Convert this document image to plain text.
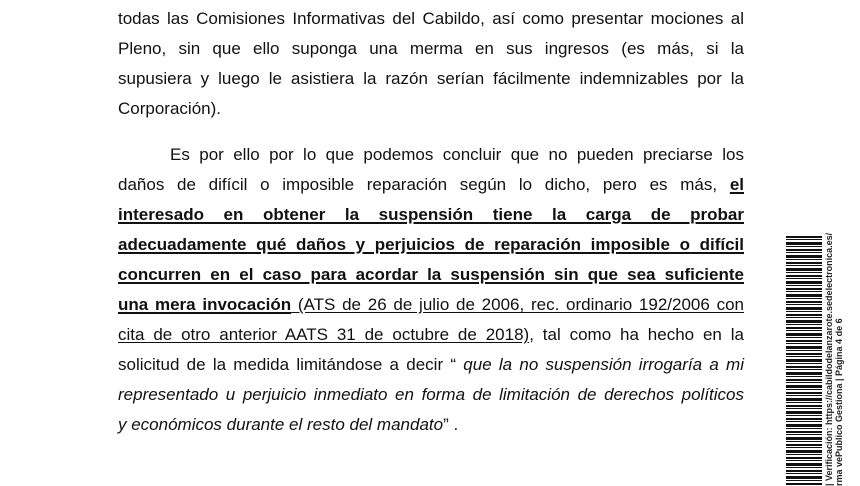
todas las Comisiones Informativas del Cabildo, así como presentar mociones al
Pleno, sin que ello suponga una merma en sus ingresos (es más, si la
supusiera y luego le asistiera la razón serían fácilmente indemnizables por la
Corporación).
Es por ello por lo que podemos concluir que no pueden preciarse los
daños de difícil o imposible reparación según lo dicho, pero es más, el
interesado en obtener la suspensión tiene la carga de probar
adecuadamente qué daños y perjuicios de reparación imposible o difícil
concurren en el caso para acordar la suspensión sin que sea suficiente
una mera invocación (ATS de 26 de julio de 2006, rec. ordinario 192/2006 con
cita de otro anterior AATS 31 de octubre de 2018), tal como ha hecho en la
solicitud de la medida limitándose a decir “ que la no suspensión irrogaría a mi
representado u perjuicio inmediato en forma de limitación de derechos políticos
y económicos durante el resto del mandato” .	| Verificación: https://cabildodelanzarote.sedelectronica.es/ rma vePublico Gestiona | Página 4 de 6
